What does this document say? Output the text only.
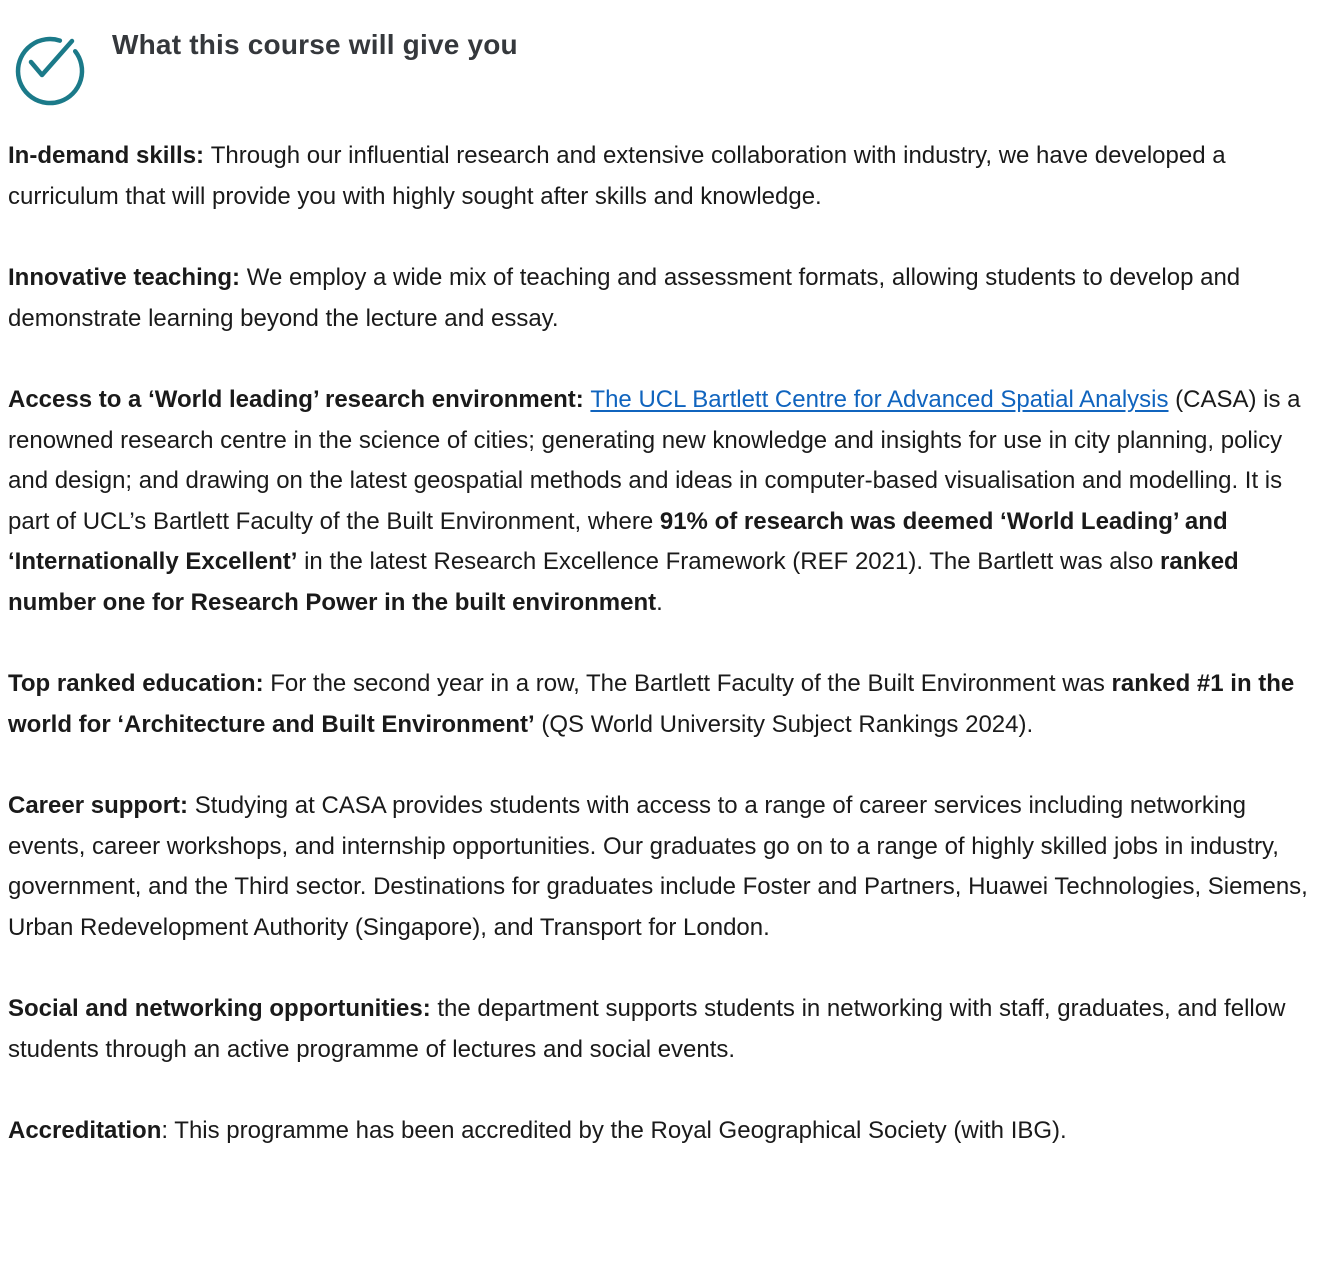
What this course will give you

In-demand skills: Through our influential research and extensive collaboration with industry, we have developed a curriculum that will provide you with highly sought after skills and knowledge.

Innovative teaching: We employ a wide mix of teaching and assessment formats, allowing students to develop and demonstrate learning beyond the lecture and essay.

Access to a ‘World leading’ research environment: The UCL Bartlett Centre for Advanced Spatial Analysis (CASA) is a renowned research centre in the science of cities; generating new knowledge and insights for use in city planning, policy and design; and drawing on the latest geospatial methods and ideas in computer-based visualisation and modelling. It is part of UCL’s Bartlett Faculty of the Built Environment, where 91% of research was deemed ‘World Leading’ and ‘Internationally Excellent’ in the latest Research Excellence Framework (REF 2021). The Bartlett was also ranked number one for Research Power in the built environment.

Top ranked education: For the second year in a row, The Bartlett Faculty of the Built Environment was ranked #1 in the world for ‘Architecture and Built Environment’ (QS World University Subject Rankings 2024).

Career support: Studying at CASA provides students with access to a range of career services including networking events, career workshops, and internship opportunities. Our graduates go on to a range of highly skilled jobs in industry, government, and the Third sector. Destinations for graduates include Foster and Partners, Huawei Technologies, Siemens, Urban Redevelopment Authority (Singapore), and Transport for London.

Social and networking opportunities: the department supports students in networking with staff, graduates, and fellow students through an active programme of lectures and social events.

Accreditation: This programme has been accredited by the Royal Geographical Society (with IBG).
